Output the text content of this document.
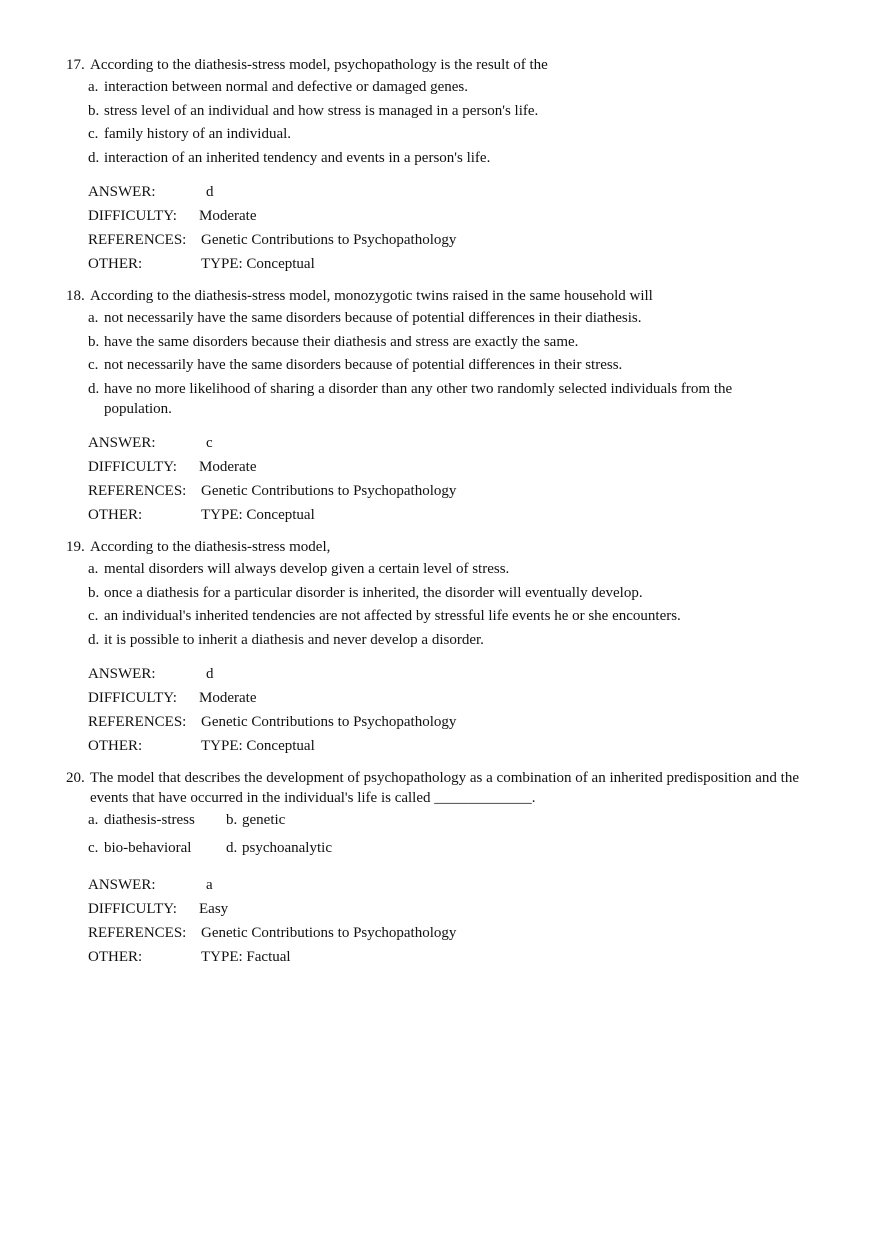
17. According to the diathesis-stress model, psychopathology is the result of the
a. interaction between normal and defective or damaged genes.
b. stress level of an individual and how stress is managed in a person's life.
c. family history of an individual.
d. interaction of an inherited tendency and events in a person's life.
ANSWER:	d
DIFFICULTY:	Moderate
REFERENCES: Genetic Contributions to Psychopathology
OTHER:	TYPE: Conceptual
18. According to the diathesis-stress model, monozygotic twins raised in the same household will
a. not necessarily have the same disorders because of potential differences in their diathesis.
b. have the same disorders because their diathesis and stress are exactly the same.
c. not necessarily have the same disorders because of potential differences in their stress.
d. have no more likelihood of sharing a disorder than any other two randomly selected individuals from the population.
ANSWER:	c
DIFFICULTY:	Moderate
REFERENCES: Genetic Contributions to Psychopathology
OTHER:	TYPE: Conceptual
19. According to the diathesis-stress model,
a. mental disorders will always develop given a certain level of stress.
b. once a diathesis for a particular disorder is inherited, the disorder will eventually develop.
c. an individual's inherited tendencies are not affected by stressful life events he or she encounters.
d. it is possible to inherit a diathesis and never develop a disorder.
ANSWER:	d
DIFFICULTY:	Moderate
REFERENCES: Genetic Contributions to Psychopathology
OTHER:	TYPE: Conceptual
20. The model that describes the development of psychopathology as a combination of an inherited predisposition and the events that have occurred in the individual's life is called _____________.
a. diathesis-stress	b. genetic
c. bio-behavioral	d. psychoanalytic
ANSWER:	a
DIFFICULTY:	Easy
REFERENCES: Genetic Contributions to Psychopathology
OTHER:	TYPE: Factual
